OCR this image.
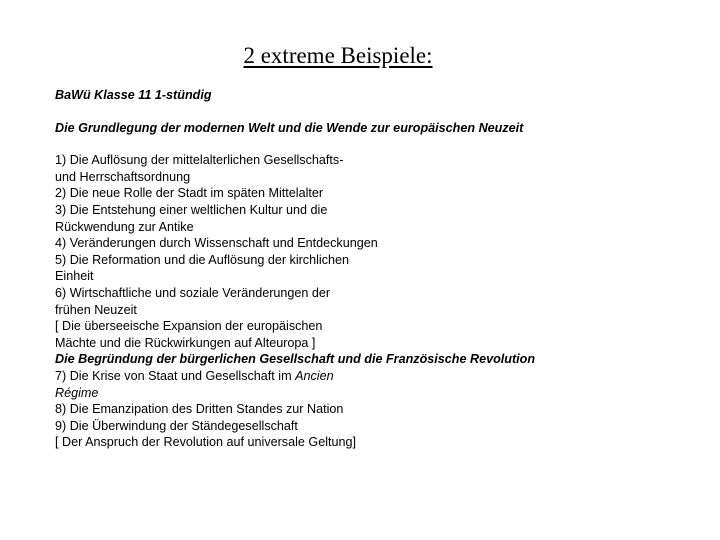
2 extreme Beispiele:
BaWü Klasse 11 1-stündig
Die Grundlegung der modernen Welt und die Wende zur europäischen Neuzeit
1) Die Auflösung der mittelalterlichen Gesellschafts-
und Herrschaftsordnung
2) Die neue Rolle der Stadt im späten Mittelalter
3) Die Entstehung einer weltlichen Kultur und die
Rückwendung zur Antike
4) Veränderungen durch Wissenschaft und Entdeckungen
5) Die Reformation und die Auflösung der kirchlichen
Einheit
6) Wirtschaftliche und soziale Veränderungen der
frühen Neuzeit
[ Die überseeische Expansion der europäischen
Mächte und die Rückwirkungen auf Alteuropa ]
Die Begründung der bürgerlichen Gesellschaft und die Französische Revolution
7) Die Krise von Staat und Gesellschaft im Ancien
Régime
8) Die Emanzipation des Dritten Standes zur Nation
9) Die Überwindung der Ständegesellschaft
[ Der Anspruch der Revolution auf universale Geltung]
